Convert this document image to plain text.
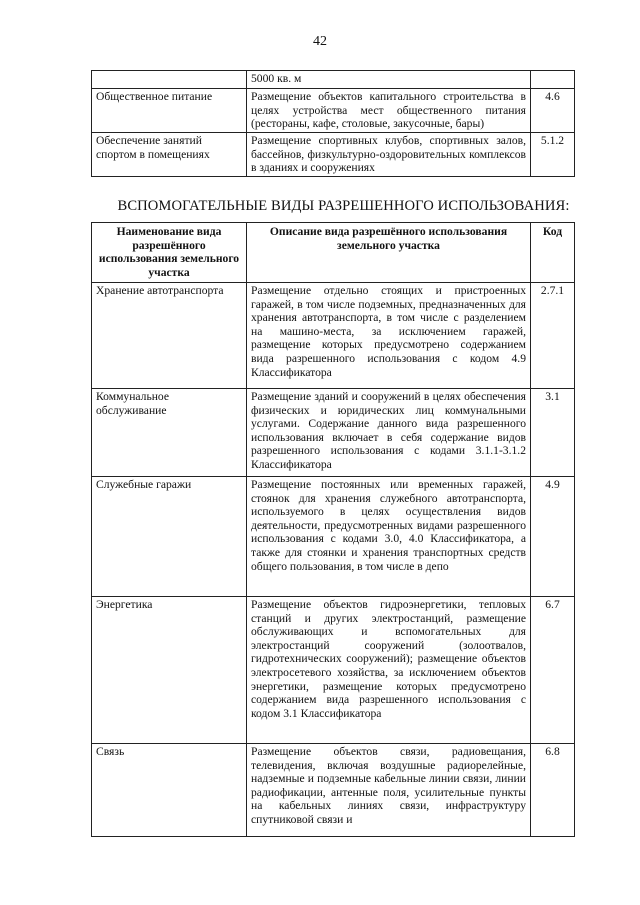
42
	5000 кв. м	
Общественное питание	Размещение объектов капитального строительства в целях устройства мест общественного питания (рестораны, кафе, столовые, закусочные, бары)	4.6
Обеспечение занятий спортом в помещениях	Размещение спортивных клубов, спортивных залов, бассейнов, физкультурно-оздоровительных комплексов в зданиях и сооружениях	5.1.2
ВСПОМОГАТЕЛЬНЫЕ ВИДЫ РАЗРЕШЕННОГО ИСПОЛЬЗОВАНИЯ:
Наименование вида разрешённого использования земельного участка	Описание вида разрешённого использования земельного участка	Код
Хранение автотранспорта	Размещение отдельно стоящих и пристроенных гаражей, в том числе подземных, предназначенных для хранения автотранспорта, в том числе с разделением на машино-места, за исключением гаражей, размещение которых предусмотрено содержанием вида разрешенного использования с кодом 4.9 Классификатора	2.7.1
Коммунальное обслуживание	Размещение зданий и сооружений в целях обеспечения физических и юридических лиц коммунальными услугами. Содержание данного вида разрешенного использования включает в себя содержание видов разрешенного использования с кодами 3.1.1-3.1.2 Классификатора	3.1
Служебные гаражи	Размещение постоянных или временных гаражей, стоянок для хранения служебного автотранспорта, используемого в целях осуществления видов деятельности, предусмотренных видами разрешенного использования с кодами 3.0, 4.0 Классификатора, а также для стоянки и хранения транспортных средств общего пользования, в том числе в депо	4.9
Энергетика	Размещение объектов гидроэнергетики, тепловых станций и других электростанций, размещение обслуживающих и вспомогательных для электростанций сооружений (золоотвалов, гидротехнических сооружений); размещение объектов электросетевого хозяйства, за исключением объектов энергетики, размещение которых предусмотрено содержанием вида разрешенного использования с кодом 3.1 Классификатора	6.7
Связь	Размещение объектов связи, радиовещания, телевидения, включая воздушные радиорелейные, надземные и подземные кабельные линии связи, линии радиофикации, антенные поля, усилительные пункты на кабельных линиях связи, инфраструктуру спутниковой связи и	6.8
